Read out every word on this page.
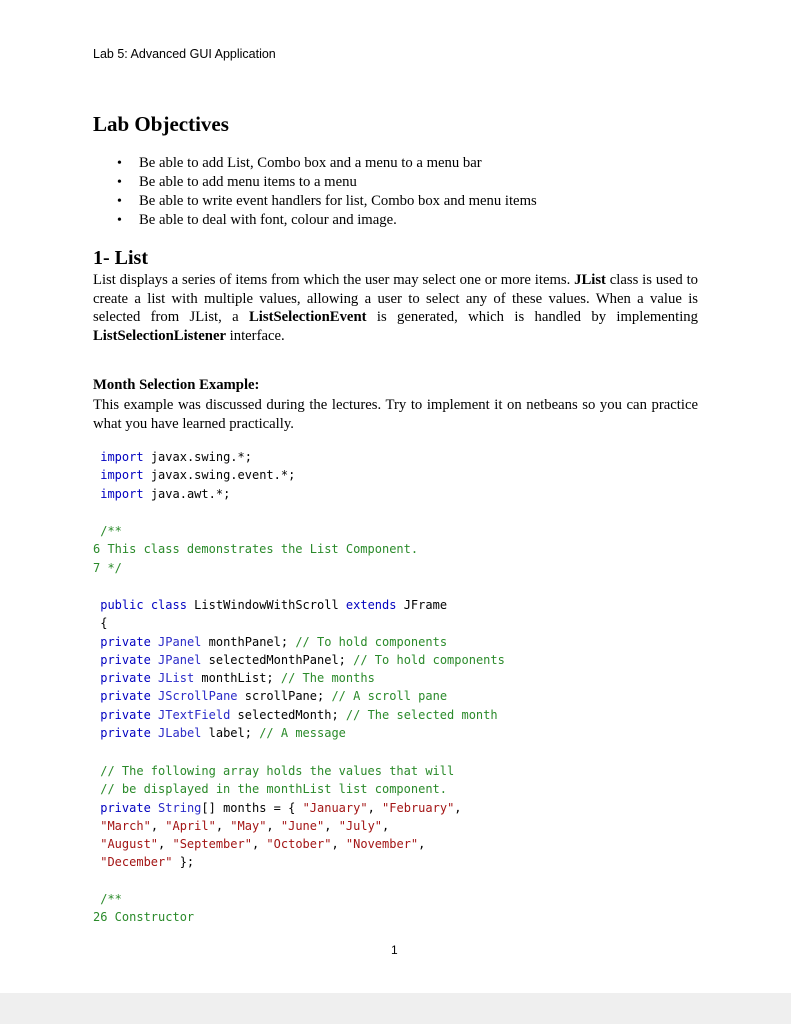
Lab 5: Advanced GUI Application
Lab Objectives
• Be able to add List, Combo box and a menu to a menu bar
• Be able to add menu items to a menu
• Be able to write event handlers for list, Combo box and menu items
• Be able to deal with font, colour and image.
1- List

List displays a series of items from which the user may select one or more items. JList class is used to create a list with multiple values, allowing a user to select any of these values. When a value is selected from JList, a ListSelectionEvent is generated, which is handled by implementing ListSelectionListener interface.

Month Selection Example:

This example was discussed during the lectures. Try to implement it on netbeans so you can practice what you have learned practically.

import javax.swing.*;
import javax.swing.event.*;
import java.awt.*;
/**
6 This class demonstrates the List Component.
7 */
public class ListWindowWithScroll extends JFrame
{
private JPanel monthPanel; // To hold components
private JPanel selectedMonthPanel; // To hold components
private JList monthList; // The months
private JScrollPane scrollPane; // A scroll pane
private JTextField selectedMonth; // The selected month
private JLabel label; // A message
// The following array holds the values that will
// be displayed in the monthList list component.
private String[] months = { "January", "February",
"March", "April", "May", "June", "July",
"August", "September", "October", "November",
"December" };
/**
26 Constructor
1
